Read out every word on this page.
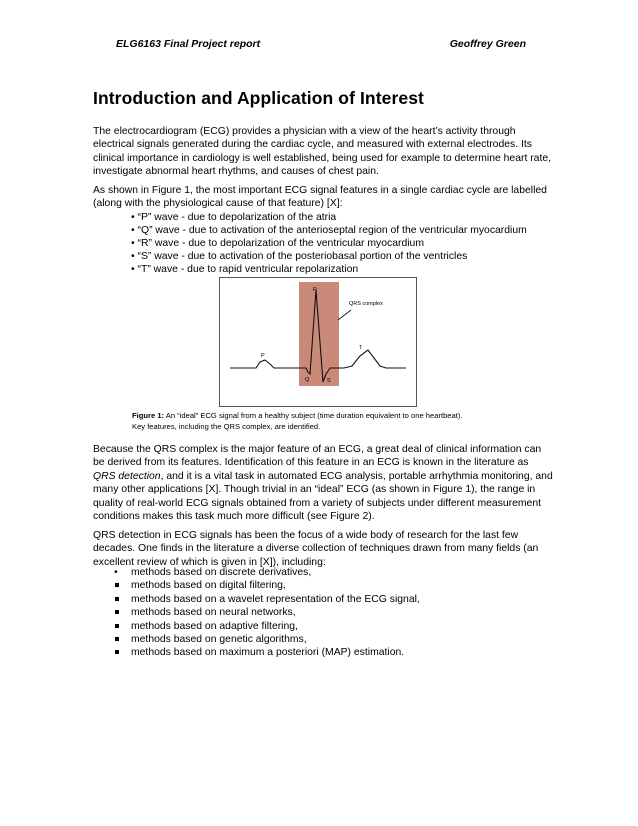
ELG6163 Final Project report	Geoffrey Green
Introduction and Application of Interest

The electrocardiogram (ECG) provides a physician with a view of the heart’s activity through electrical signals generated during the cardiac cycle, and measured with external electrodes. Its clinical importance in cardiology is well established, being used for example to determine heart rate, investigate abnormal heart rhythms, and causes of chest pain.

As shown in Figure 1, the most important ECG signal features in a single cardiac cycle are labelled (along with the physiological cause of that feature) [X]:

• “P” wave - due to depolarization of the atria
• “Q” wave - due to activation of the anterioseptal region of the ventricular myocardium
• “R” wave - due to depolarization of the ventricular myocardium
• “S” wave - due to activation of the posteriobasal portion of the ventricles
• “T” wave - due to rapid ventricular repolarization
R
P
T
Q	S
QRS complex
Figure 1: An “ideal” ECG signal from a healthy subject (time duration equivalent to one heartbeat).
Key features, including the QRS complex, are identified.

Because the QRS complex is the major feature of an ECG, a great deal of clinical information can be derived from its features. Identification of this feature in an ECG is known in the literature as QRS detection, and it is a vital task in automated ECG analysis, portable arrhythmia monitoring, and many other applications [X]. Though trivial in an “ideal” ECG (as shown in Figure 1), the range in quality of real-world ECG signals obtained from a variety of subjects under different measurement conditions makes this task much more difficult (see Figure 2).

QRS detection in ECG signals has been the focus of a wide body of research for the last few decades. One finds in the literature a diverse collection of techniques drawn from many fields (an excellent review of which is given in [X]), including:

• methods based on discrete derivatives,
methods based on digital filtering,
methods based on a wavelet representation of the ECG signal,
methods based on neural networks,
methods based on adaptive filtering,
methods based on genetic algorithms,
methods based on maximum a posteriori (MAP) estimation.
